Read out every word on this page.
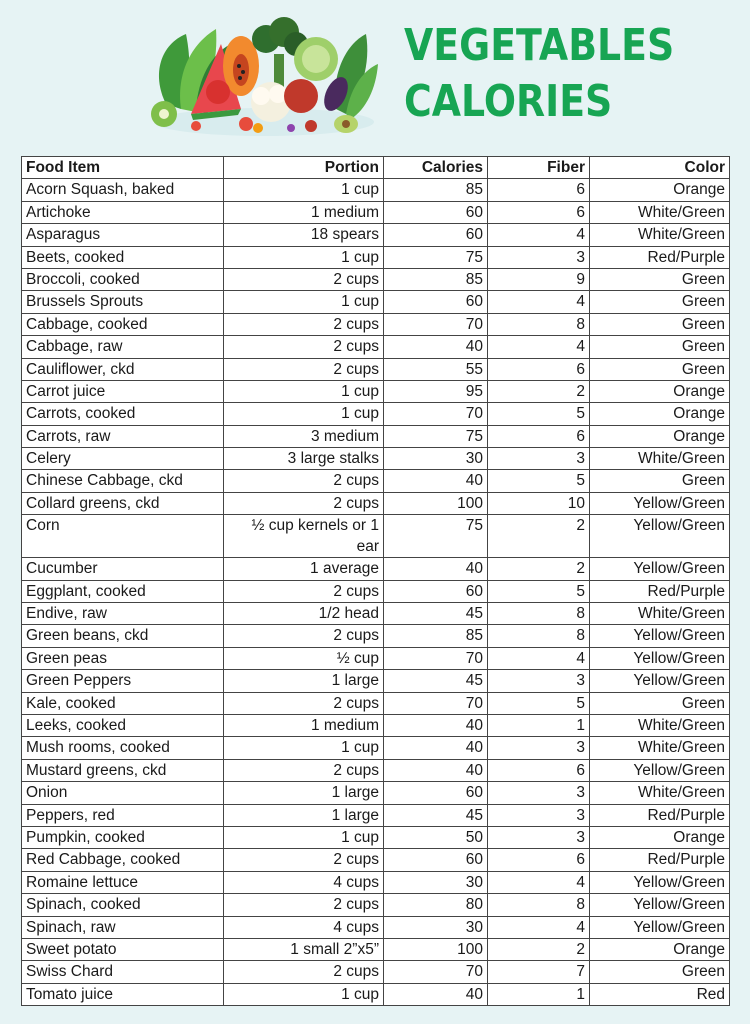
VEGETABLES
CALORIES
Food Item	Portion	Calories	Fiber	Color
Acorn Squash, baked	1 cup	85	6	Orange
Artichoke	1 medium	60	6	White/Green
Asparagus	18 spears	60	4	White/Green
Beets, cooked	1 cup	75	3	Red/Purple
Broccoli, cooked	2 cups	85	9	Green
Brussels Sprouts	1 cup	60	4	Green
Cabbage, cooked	2 cups	70	8	Green
Cabbage, raw	2 cups	40	4	Green
Cauliflower, ckd	2 cups	55	6	Green
Carrot juice	1 cup	95	2	Orange
Carrots, cooked	1 cup	70	5	Orange
Carrots, raw	3 medium	75	6	Orange
Celery	3 large stalks	30	3	White/Green
Chinese Cabbage, ckd	2 cups	40	5	Green
Collard greens, ckd	2 cups	100	10	Yellow/Green
Corn	½ cup kernels or 1 ear	75	2	Yellow/Green
Cucumber	1 average	40	2	Yellow/Green
Eggplant, cooked	2 cups	60	5	Red/Purple
Endive, raw	1/2 head	45	8	White/Green
Green beans, ckd	2 cups	85	8	Yellow/Green
Green peas	½ cup	70	4	Yellow/Green
Green Peppers	1 large	45	3	Yellow/Green
Kale, cooked	2 cups	70	5	Green
Leeks, cooked	1 medium	40	1	White/Green
Mush rooms, cooked	1 cup	40	3	White/Green
Mustard greens, ckd	2 cups	40	6	Yellow/Green
Onion	1 large	60	3	White/Green
Peppers, red	1 large	45	3	Red/Purple
Pumpkin, cooked	1 cup	50	3	Orange
Red Cabbage, cooked	2 cups	60	6	Red/Purple
Romaine lettuce	4 cups	30	4	Yellow/Green
Spinach, cooked	2 cups	80	8	Yellow/Green
Spinach, raw	4 cups	30	4	Yellow/Green
Sweet potato	1 small 2”x5”	100	2	Orange
Swiss Chard	2 cups	70	7	Green
Tomato juice	1 cup	40	1	Red
